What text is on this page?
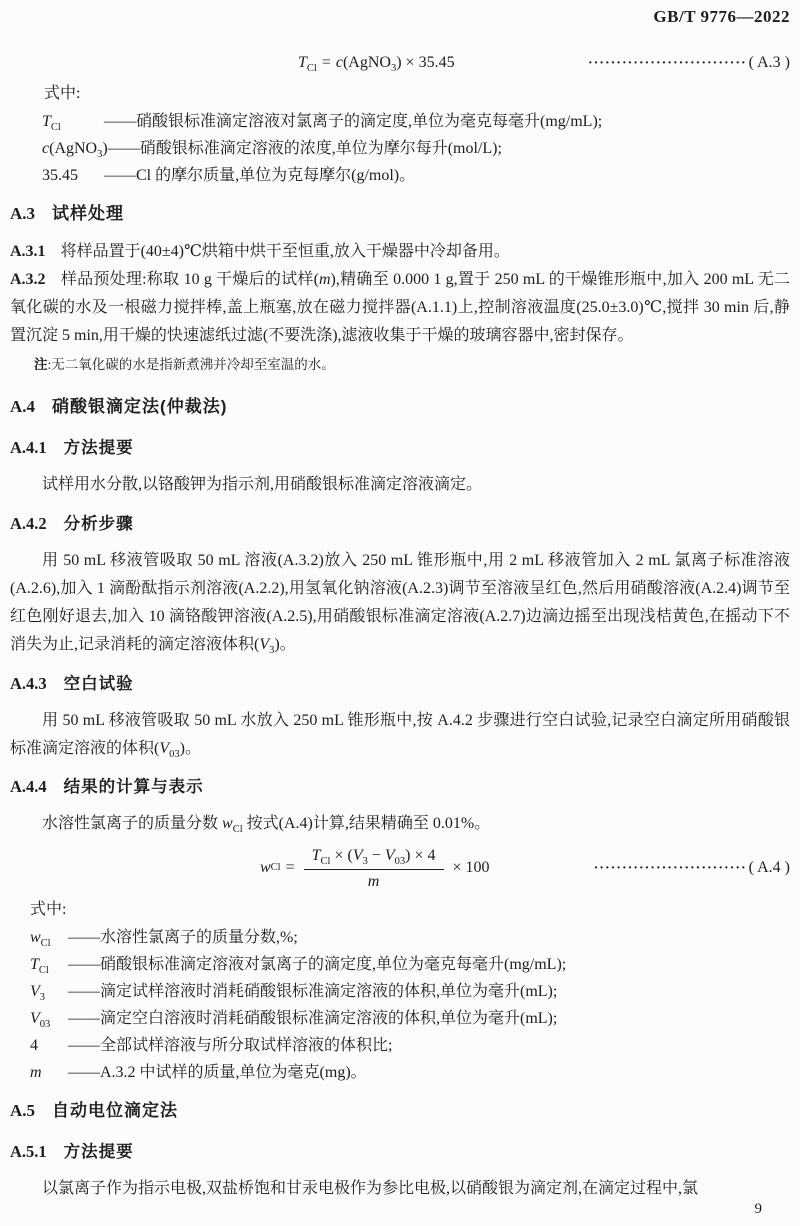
GB/T 9776—2022
$T_{Cl}$ = c(AgNO$_3$) × 35.45	···························· ( A.3 )

式中:

$T_{Cl}$	——硝酸银标准滴定溶液对氯离子的滴定度,单位为毫克每毫升(mg/mL);
c(AgNO$_3$) ——硝酸银标准滴定溶液的浓度,单位为摩尔每升(mol/L);
35.45	——Cl 的摩尔质量,单位为克每摩尔(g/mol)。
A.3 试样处理

A.3.1 将样品置于(40±4)℃烘箱中烘干至恒重,放入干燥器中冷却备用。

A.3.2 样品预处理:称取 10 g 干燥后的试样(m),精确至 0.000 1 g,置于 250 mL 的干燥锥形瓶中,加入 200 mL 无二氧化碳的水及一根磁力搅拌棒,盖上瓶塞,放在磁力搅拌器(A.1.1)上,控制溶液温度(25.0±3.0)℃,搅拌 30 min 后,静置沉淀 5 min,用干燥的快速滤纸过滤(不要洗涤),滤液收集于干燥的玻璃容器中,密封保存。

注:无二氧化碳的水是指新煮沸并冷却至室温的水。

A.4 硝酸银滴定法(仲裁法)
A.4.1 方法提要

试样用水分散,以铬酸钾为指示剂,用硝酸银标准滴定溶液滴定。

A.4.2 分析步骤

用 50 mL 移液管吸取 50 mL 溶液(A.3.2)放入 250 mL 锥形瓶中,用 2 mL 移液管加入 2 mL 氯离子标准溶液(A.2.6),加入 1 滴酚酞指示剂溶液(A.2.2),用氢氧化钠溶液(A.2.3)调节至溶液呈红色,然后用硝酸溶液(A.2.4)调节至红色刚好退去,加入 10 滴铬酸钾溶液(A.2.5),用硝酸银标准滴定溶液(A.2.7)边滴边摇至出现浅桔黄色,在摇动下不消失为止,记录消耗的滴定溶液体积$(V_3)$。

A.4.3 空白试验

用 50 mL 移液管吸取 50 mL 水放入 250 mL 锥形瓶中,按 A.4.2 步骤进行空白试验,记录空白滴定所用硝酸银标准滴定溶液的体积$(V_{03})$。

A.4.4 结果的计算与表示

水溶性氯离子的质量分数 $w_{Cl}$ 按式(A.4)计算,结果精确至 0.01%。

w $Cl = \frac{T_{Cl} \times (V_3 - V_{03}) \times 4}{m} \times 100$	··························· ( A.4 )

式中:

$w_{Cl}$	——水溶性氯离子的质量分数,%;
$T_{Cl}$	——硝酸银标准滴定溶液对氯离子的滴定度,单位为毫克每毫升(mg/mL);
$V_3$	——滴定试样溶液时消耗硝酸银标准滴定溶液的体积,单位为毫升(mL);
$V_{03}$	——滴定空白溶液时消耗硝酸银标准滴定溶液的体积,单位为毫升(mL);
4	——全部试样溶液与所分取试样溶液的体积比;
m	——A.3.2 中试样的质量,单位为毫克(mg)。
A.5 自动电位滴定法
A.5.1 方法提要

以氯离子作为指示电极,双盐桥饱和甘汞电极作为参比电极,以硝酸银为滴定剂,在滴定过程中,氯

9
